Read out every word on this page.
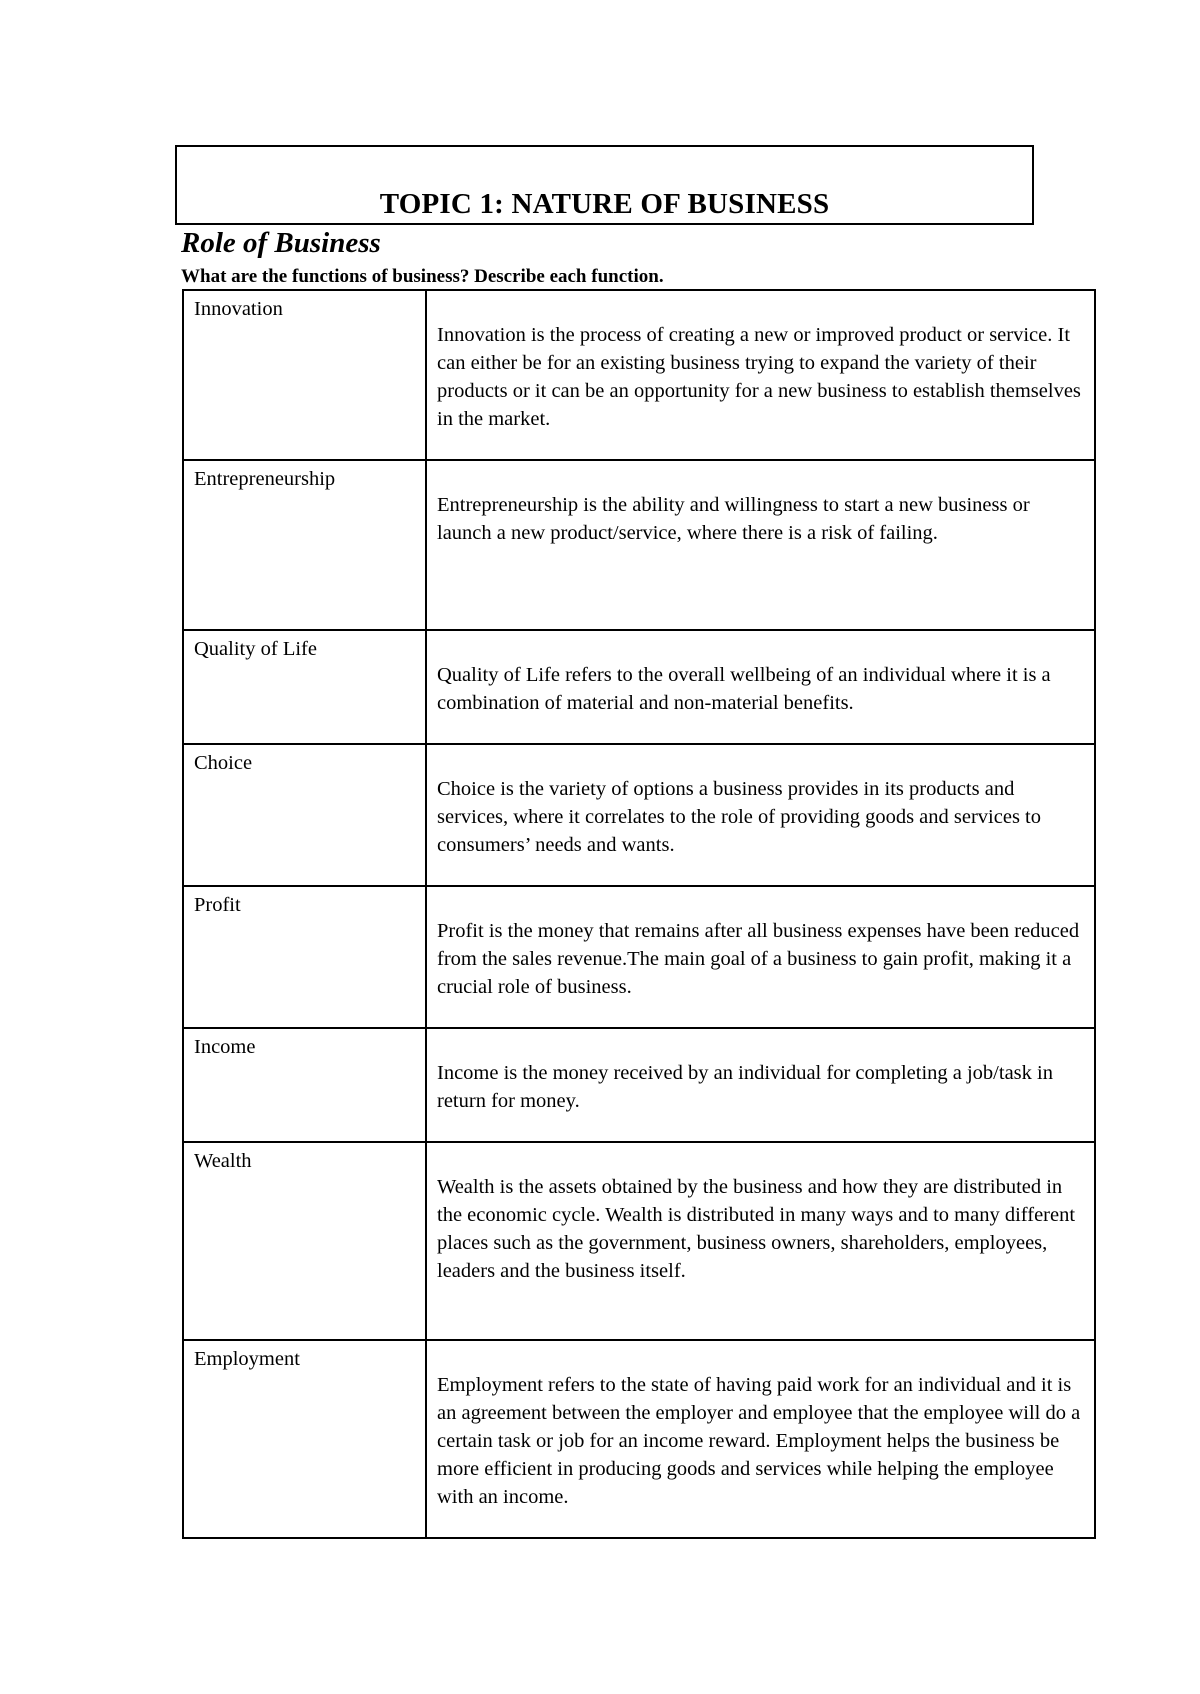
TOPIC 1: NATURE OF BUSINESS
Role of Business
What are the functions of business? Describe each function.
Innovation	Innovation is the process of creating a new or improved product or service. It can either be for an existing business trying to expand the variety of their products or it can be an opportunity for a new business to establish themselves in the market.
Entrepreneurship	Entrepreneurship is the ability and willingness to start a new business or launch a new product/service, where there is a risk of failing.
Quality of Life	Quality of Life refers to the overall wellbeing of an individual where it is a combination of material and non-material benefits.
Choice	Choice is the variety of options a business provides in its products and services, where it correlates to the role of providing goods and services to consumers’ needs and wants.
Profit	Profit is the money that remains after all business expenses have been reduced from the sales revenue.The main goal of a business to gain profit, making it a crucial role of business.
Income	Income is the money received by an individual for completing a job/task in return for money.
Wealth	Wealth is the assets obtained by the business and how they are distributed in the economic cycle. Wealth is distributed in many ways and to many different places such as the government, business owners, shareholders, employees, leaders and the business itself.
Employment	Employment refers to the state of having paid work for an individual and it is an agreement between the employer and employee that the employee will do a certain task or job for an income reward. Employment helps the business be more efficient in producing goods and services while helping the employee with an income.
